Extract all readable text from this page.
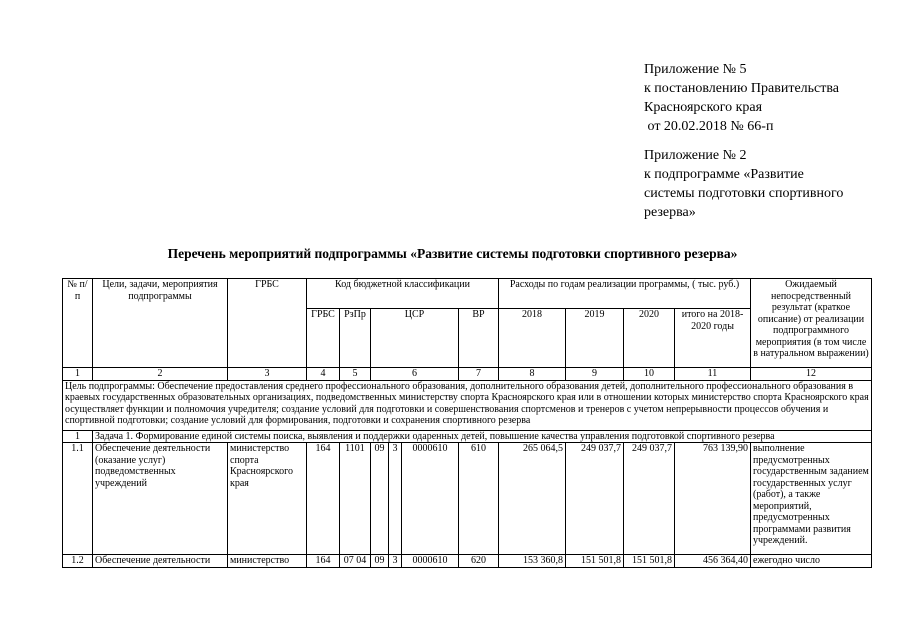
Приложение № 5
к постановлению Правительства
Красноярского края
от 20.02.2018 № 66-п
Приложение № 2
к подпрограмме «Развитие
системы подготовки спортивного
резерва»
Перечень мероприятий подпрограммы «Развитие системы подготовки спортивного резерва»
№ п/п	Цели, задачи, мероприятия подпрограммы	ГРБС	Код бюджетной классификации						Расходы по годам реализации программы, ( тыс. руб.)				Ожидаемый непосредственный результат (краткое описание) от реализации подпрограммного мероприятия (в том числе в натуральном выражении)
			ГРБС	РзПр	ЦСР			ВР	2018	2019	2020	итого на 2018-2020 годы	
1	2	3	4	5	6			7	8	9	10	11	12
Цель подпрограммы: Обеспечение предоставления среднего профессионального образования, дополнительного образования детей, дополнительного профессионального образования в краевых государственных образовательных организациях, подведомственных министерству спорта Красноярского края или в отношении которых министерство спорта Красноярского края осуществляет функции и полномочия учредителя; создание условий для подготовки и совершенствования спортсменов и тренеров с учетом непрерывности процессов обучения и спортивной подготовки; создание условий для формирования, подготовки и сохранения спортивного резерва													
1	Задача 1. Формирование единой системы поиска, выявления и поддержки одаренных детей, повышение качества управления подготовкой спортивного резерва												
1.1	Обеспечение деятельности (оказание услуг) подведомственных учреждений	министерство спорта Красноярского края	164	1101	09	3	0000610	610	265 064,5	249 037,7	249 037,7	763 139,90	выполнение предусмотренных государственным заданием государственных услуг (работ), а также мероприятий, предусмотренных программами развития учреждений.
1.2	Обеспечение деятельности	министерство	164	07 04	09	3	0000610	620	153 360,8	151 501,8	151 501,8	456 364,40	ежегодно число
